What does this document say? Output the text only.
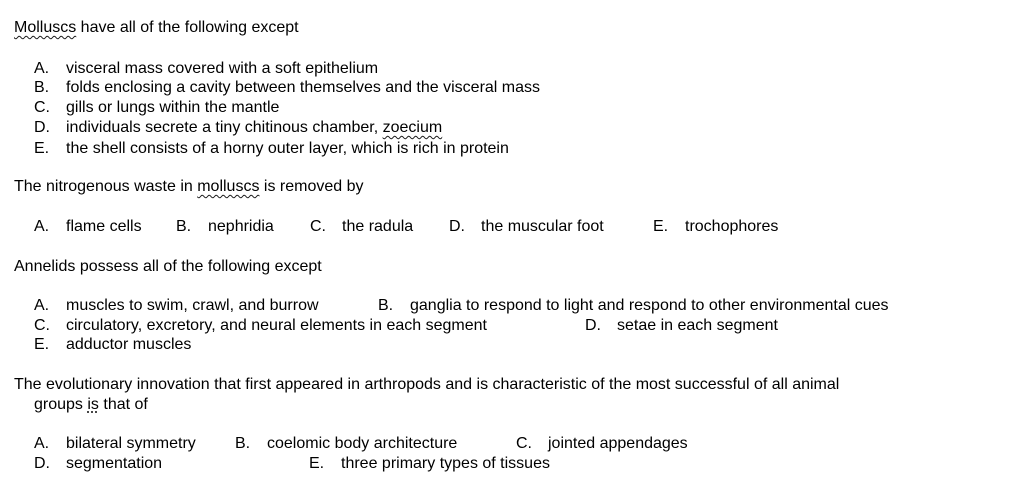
Molluscs have all of the following except
A. visceral mass covered with a soft epithelium
B. folds enclosing a cavity between themselves and the visceral mass
C. gills or lungs within the mantle
D. individuals secrete a tiny chitinous chamber, zoecium
E. the shell consists of a horny outer layer, which is rich in protein
The nitrogenous waste in molluscs is removed by
A. flame cells B. nephridia C. the radula D. the muscular foot	E. trochophores
Annelids possess all of the following except
A. muscles to swim, crawl, and burrow	B. ganglia to respond to light and respond to other environmental cues
C. circulatory, excretory, and neural elements in each segment	D. setae in each segment
E. adductor muscles
The evolutionary innovation that first appeared in arthropods and is characteristic of the most successful of all animal
groups is that of
A. bilateral symmetry B. coelomic body architecture	C. jointed appendages
D. segmentation	E. three primary types of tissues
